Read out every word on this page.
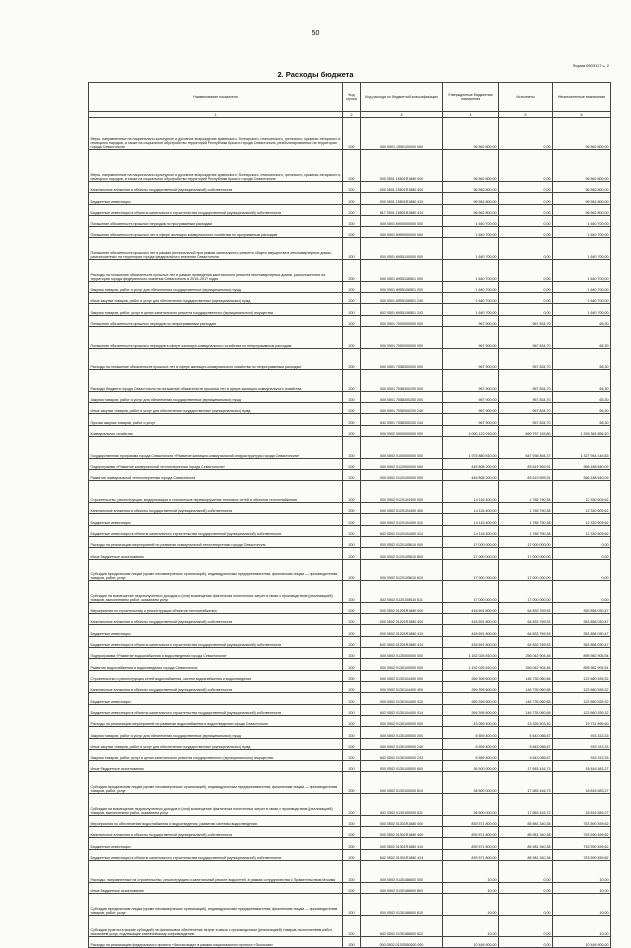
50
Форма 0503117 с. 2
2. Расходы бюджета
Наименование показателя	Код строки	Код расхода по бюджетной классификации	Утвержденные бюджетные назначения	Исполнено	Неисполненные назначения
1	2	3	4	5	6
Меры, направленные на национально-культурное и духовное возрождение армянского, болгарского, итальянского, греческого, крымско-татарского и немецкого народов, а также на социальное обустройство территорий Республики Крым и города Севастополя, реабилитированных на территории города Севастополя	200	000 0501 1550100000 000	96 562 800,00	0,00	96 562 800,00
Меры, направленные на национально-культурное и духовное возрождение армянского, болгарского, итальянского, греческого, крымско-татарского и немецкого народов, а также на социальное обустройство территорий Республики Крым и города Севастополя	200	000 0501 15501R1880 000	96 562 800,00	0,00	96 562 800,00
Капитальные вложения в объекты государственной (муниципальной) собственности	200	000 0501 15501R1880 400	96 562 800,00	0,00	96 562 800,00
Бюджетные инвестиции	200	000 0501 15501R1880 410	96 562 800,00	0,00	96 562 800,00
Бюджетные инвестиции в объекты капитального строительства государственной (муниципальной) собственности	200	817 0501 15501R1880 414	96 562 800,00	0,00	96 562 800,00
Погашение обязательств прошлых периодов по программным расходам	200	000 0501 6900000000 000	1 640 700,00	0,00	1 640 700,00
Погашение обязательств прошлых лет в сфере жилищно-коммунального хозяйства по программным расходам	200	000 0501 6950000000 000	1 640 700,00	0,00	1 640 700,00
Погашение обязательств прошлых лет в рамках региональной программы капитального ремонта общего имущества в многоквартирных домах, расположенных на территории города федерального значения Севастополя	200	000 0501 6955100000 000	1 640 700,00	0,00	1 640 700,00
Расходы на погашение обязательств прошлых лет в рамках проведения капитального ремонта многоквартирных домов, расположенных на территории города федерального значения Севастополь в 2015–2017 годах	200	000 0501 6955106501 000	1 640 700,00	0,00	1 640 700,00
Закупка товаров, работ и услуг для обеспечения государственных (муниципальных) нужд	200	000 0501 6955106501 200	1 640 700,00	0,00	1 640 700,00
Иные закупки товаров, работ и услуг для обеспечения государственных (муниципальных) нужд	200	000 0501 6955106501 240	1 640 700,00	0,00	1 640 700,00
Закупка товаров, работ, услуг в целях капитального ремонта государственного (муниципального) имущества	200	842 0501 6955106501 243	1 640 700,00	0,00	1 640 700,00
Погашение обязательств прошлых периодов по непрограммным расходам	200	000 0501 7000000000 000	967 900,00	967 834,70	65,30
Погашение обязательств прошлых периодов в сфере жилищно-коммунального хозяйства по непрограммным расходам	200	000 0501 7050000000 000	967 900,00	967 834,70	65,30
Расходы на погашение обязательств прошлых лет в сфере жилищно-коммунального хозяйства по непрограммным расходам	200	000 0501 7058300000 000	967 900,00	967 834,70	65,30
Расходы бюджета города Севастополя на погашение обязательств прошлых лет в сфере жилищно-коммунального хозяйства	200	000 0501 7058300200 000	967 900,00	967 834,70	65,30
Закупка товаров, работ и услуг для обеспечения государственных (муниципальных) нужд	200	000 0501 7058300200 200	967 900,00	967 834,70	65,30
Иные закупки товаров, работ и услуг для обеспечения государственных (муниципальных) нужд	200	000 0501 7058300200 240	967 900,00	967 834,70	65,30
Прочая закупка товаров, работ и услуг	200	842 0501 7058300200 244	967 900,00	967 834,70	65,30
Коммунальное хозяйство	200	000 0502 0000000000 000	2 000 122 010,00	660 757 153,80	1 339 364 856,20
Государственная программа города Севастополя «Развитие жилищно-коммунальной инфраструктуры города Севастополя»	200	000 0502 0100000000 000	1 975 880 610,00	647 936 464,37	1 327 944 145,63
Подпрограмма «Развитие коммунальной теплоэнергетики города Севастополя»	200	000 0502 0120000000 000	449 808 200,00	83 619 559,91	366 188 640,09
Развитие коммунальной теплоэнергетики города Севастополя	200	000 0502 0120100000 000	449 808 200,00	83 619 559,91	366 188 640,09
Строительство, реконструкция, модернизация и техническое перевооружение тепловых сетей и объектов теплоснабжения	200	000 0502 0120104400 000	14 116 400,00	1 785 790,38	12 330 609,62
Капитальные вложения в объекты государственной (муниципальной) собственности	200	000 0502 0120104400 400	14 116 400,00	1 785 790,38	12 330 609,62
Бюджетные инвестиции	200	000 0502 0120104400 410	14 116 400,00	1 785 790,38	12 330 609,62
Бюджетные инвестиции в объекты капитального строительства государственной (муниципальной) собственности	200	842 0502 0120104400 414	14 116 400,00	1 785 790,38	12 330 609,62
Расходы на реализацию мероприятий по развитию коммунальной теплоэнергетики города Севастополя	200	000 0502 0120105610 000	17 000 000,00	17 000 000,00	0,00
Иные бюджетные ассигнования	200	000 0502 0120105610 800	17 000 000,00	17 000 000,00	0,00
Субсидии юридическим лицам (кроме некоммерческих организаций), индивидуальным предпринимателям, физическим лицам — производителям товаров, работ, услуг	200	000 0502 0120105610 810	17 000 000,00	17 000 000,00	0,00
Субсидии на возмещение недополученных доходов и (или) возмещение фактически понесенных затрат в связи с производством (реализацией) товаров, выполнением работ, оказанием услуг	200	842 0502 0120105610 811	17 000 000,00	17 000 000,00	0,00
Мероприятия по строительству и реконструкции объектов теплоснабжения	200	000 0502 01201R1880 000	418 691 800,00	64 833 769,53	353 858 030,47
Капитальные вложения в объекты государственной (муниципальной) собственности	200	000 0502 01201R1880 400	418 691 800,00	64 833 769,53	353 858 030,47
Бюджетные инвестиции	200	000 0502 01201R1880 410	418 691 800,00	64 833 769,53	353 858 030,47
Бюджетные инвестиции в объекты капитального строительства государственной (муниципальной) собственности	200	842 0502 01201R1880 414	418 691 800,00	64 833 769,53	353 858 030,47
Подпрограмма «Развитие водоснабжения и водоотведения города Севастополя»	200	000 0502 0130000000 000	1 152 025 810,00	256 042 904,46	895 982 905,54
Развитие водоснабжения и водоотведения города Севастополя	200	000 0502 0130100000 000	1 152 025 810,00	256 042 904,46	895 982 905,54
Строительство и реконструкция сетей водоснабжения, систем водоснабжения и водоотведения	200	000 0502 0130104400 000	269 395 600,00	146 735 060,68	122 660 539,32
Капитальные вложения в объекты государственной (муниципальной) собственности	200	000 0502 0130104400 400	269 395 600,00	146 735 060,68	122 660 539,32
Бюджетные инвестиции	200	000 0502 0130104400 410	269 395 600,00	146 735 060,68	122 660 539,32
Бюджетные инвестиции в объекты капитального строительства государственной (муниципальной) собственности	200	842 0502 0130104400 414	269 395 600,00	146 735 060,68	122 660 539,32
Расходы на реализацию мероприятий по развитию водоснабжения и водоотведения города Севастополя	200	000 0502 0130105000 000	43 059 400,00	23 326 503,40	19 731 896,60
Закупка товаров, работ и услуг для обеспечения государственных (муниципальных) нужд	200	000 0502 0130105000 200	6 559 400,00	5 643 086,67	915 313,33
Иные закупки товаров, работ и услуг для обеспечения государственных (муниципальных) нужд	200	000 0502 0130105000 240	6 559 400,00	5 643 086,67	915 313,33
Закупка товаров, работ, услуг в целях капитального ремонта государственного (муниципального) имущества	200	842 0502 0130105000 243	6 559 400,00	5 643 086,67	915 313,33
Иные бюджетные ассигнования	200	000 0502 0130105000 800	36 500 000,00	17 683 416,73	18 816 583,27
Субсидии юридическим лицам (кроме некоммерческих организаций), индивидуальным предпринимателям, физическим лицам — производителям товаров, работ, услуг	200	000 0502 0130105000 810	36 500 000,00	17 683 416,73	18 816 583,27
Субсидии на возмещение недополученных доходов и (или) возмещение фактически понесенных затрат в связи с производством (реализацией) товаров, выполнением работ, оказанием услуг	200	842 0502 0130105000 811	36 500 000,00	17 683 416,73	18 816 583,27
Мероприятия по обеспечению водоснабжения и водоотведения, развитию системы водоотведения	200	000 0502 01301R1880 000	839 571 800,00	85 981 340,38	753 590 459,62
Капитальные вложения в объекты государственной (муниципальной) собственности	200	000 0502 01301R1880 400	839 571 800,00	85 981 340,38	753 590 459,62
Бюджетные инвестиции	200	000 0502 01301R1880 410	839 571 800,00	85 981 340,38	753 590 459,62
Бюджетные инвестиции в объекты капитального строительства государственной (муниципальной) собственности	200	842 0502 01301R1880 414	839 571 800,00	85 981 340,38	753 590 459,62
Расходы, направленные на строительство, реконструкцию и капитальный ремонт водосетей, в рамках сотрудничества с Правительством Москвы	200	000 0502 0130186600 000	10,00	0,00	10,00
Иные бюджетные ассигнования	200	000 0502 0130186600 800	10,00	0,00	10,00
Субсидии юридическим лицам (кроме некоммерческих организаций), индивидуальным предпринимателям, физическим лицам — производителям товаров, работ, услуг	200	000 0502 0130186600 810	10,00	0,00	10,00
Субсидии (гранты в форме субсидий) на финансовое обеспечение затрат в связи с производством (реализацией) товаров, выполнением работ, оказанием услуг, подлежащие казначейскому сопровождению	200	842 0502 0130186600 812	10,00	0,00	10,00
Расходы на реализацию федерального проекта «Чистая вода» в рамках национального проекта «Экология»	200	000 0502 013G550000 000	10 446 900,00	0,00	10 446 900,00
